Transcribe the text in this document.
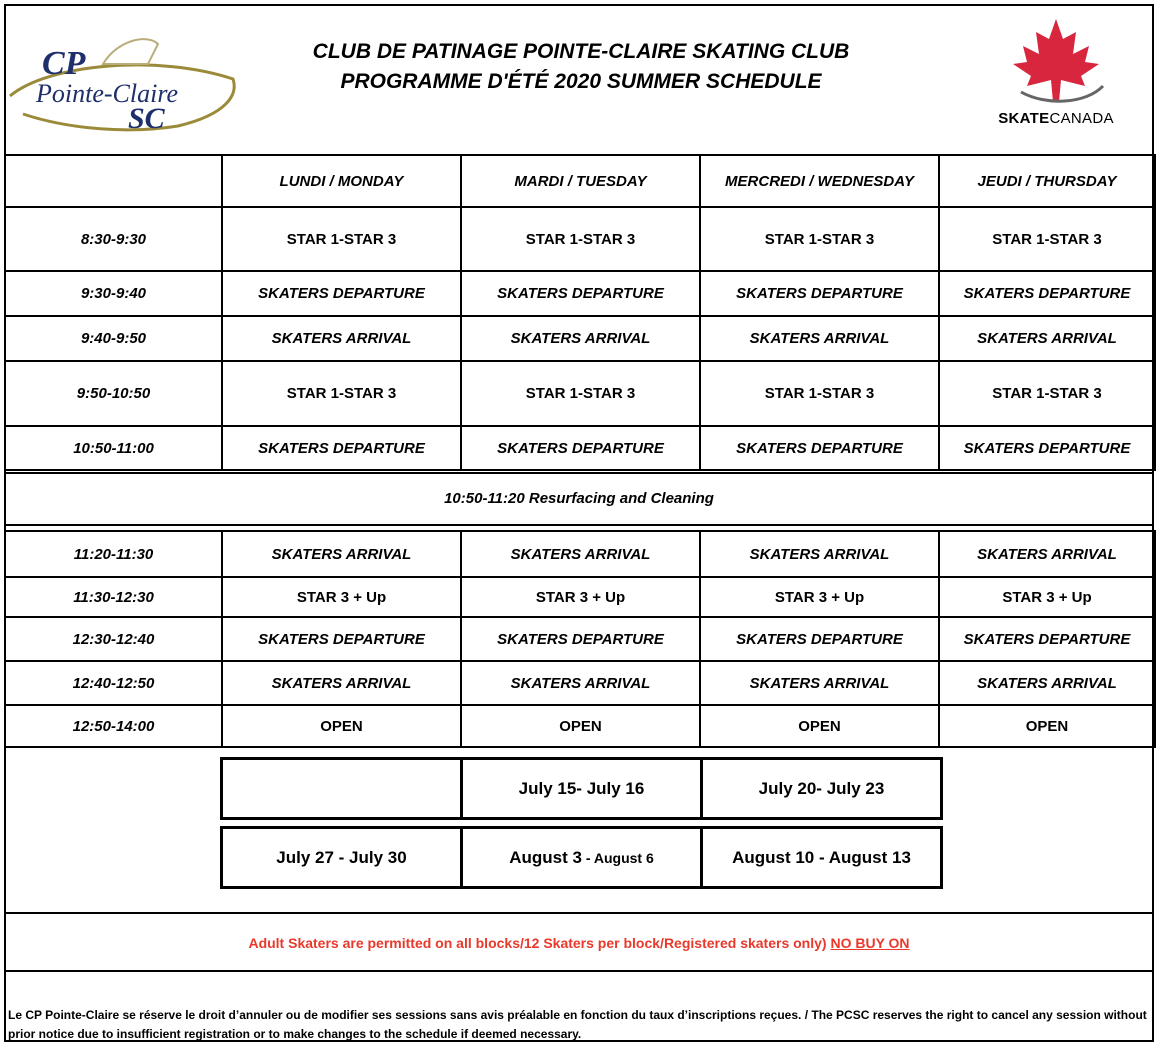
CP
Pointe-Claire
SC
CLUB DE PATINAGE POINTE-CLAIRE SKATING CLUB
PROGRAMME D'ÉTÉ 2020 SUMMER SCHEDULE
SKATECANADA
	LUNDI / MONDAY	MARDI / TUESDAY	MERCREDI / WEDNESDAY	JEUDI / THURSDAY
8:30-9:30	STAR 1-STAR 3	STAR 1-STAR 3	STAR 1-STAR 3	STAR 1-STAR 3
9:30-9:40	SKATERS DEPARTURE	SKATERS DEPARTURE	SKATERS DEPARTURE	SKATERS DEPARTURE
9:40-9:50	SKATERS ARRIVAL	SKATERS ARRIVAL	SKATERS ARRIVAL	SKATERS ARRIVAL
9:50-10:50	STAR 1-STAR 3	STAR 1-STAR 3	STAR 1-STAR 3	STAR 1-STAR 3
10:50-11:00	SKATERS DEPARTURE	SKATERS DEPARTURE	SKATERS DEPARTURE	SKATERS DEPARTURE
10:50-11:20 Resurfacing and Cleaning
11:20-11:30	SKATERS ARRIVAL	SKATERS ARRIVAL	SKATERS ARRIVAL	SKATERS ARRIVAL
11:30-12:30	STAR 3 + Up	STAR 3 + Up	STAR 3 + Up	STAR 3 + Up
12:30-12:40	SKATERS DEPARTURE	SKATERS DEPARTURE	SKATERS DEPARTURE	SKATERS DEPARTURE
12:40-12:50	SKATERS ARRIVAL	SKATERS ARRIVAL	SKATERS ARRIVAL	SKATERS ARRIVAL
12:50-14:00	OPEN	OPEN	OPEN	OPEN
	July 15- July 16	July 20- July 23
July 27 - July 30	August 3 - August 6	August 10 - August 13
Adult Skaters are permitted on all blocks/12 Skaters per block/Registered skaters only) NO BUY ON
Le CP Pointe-Claire se réserve le droit d’annuler ou de modifier ses sessions sans avis préalable en fonction du taux d’inscriptions reçues. / The PCSC reserves the right to cancel any session without prior notice due to insufficient registration or to make changes to the schedule if deemed necessary.
